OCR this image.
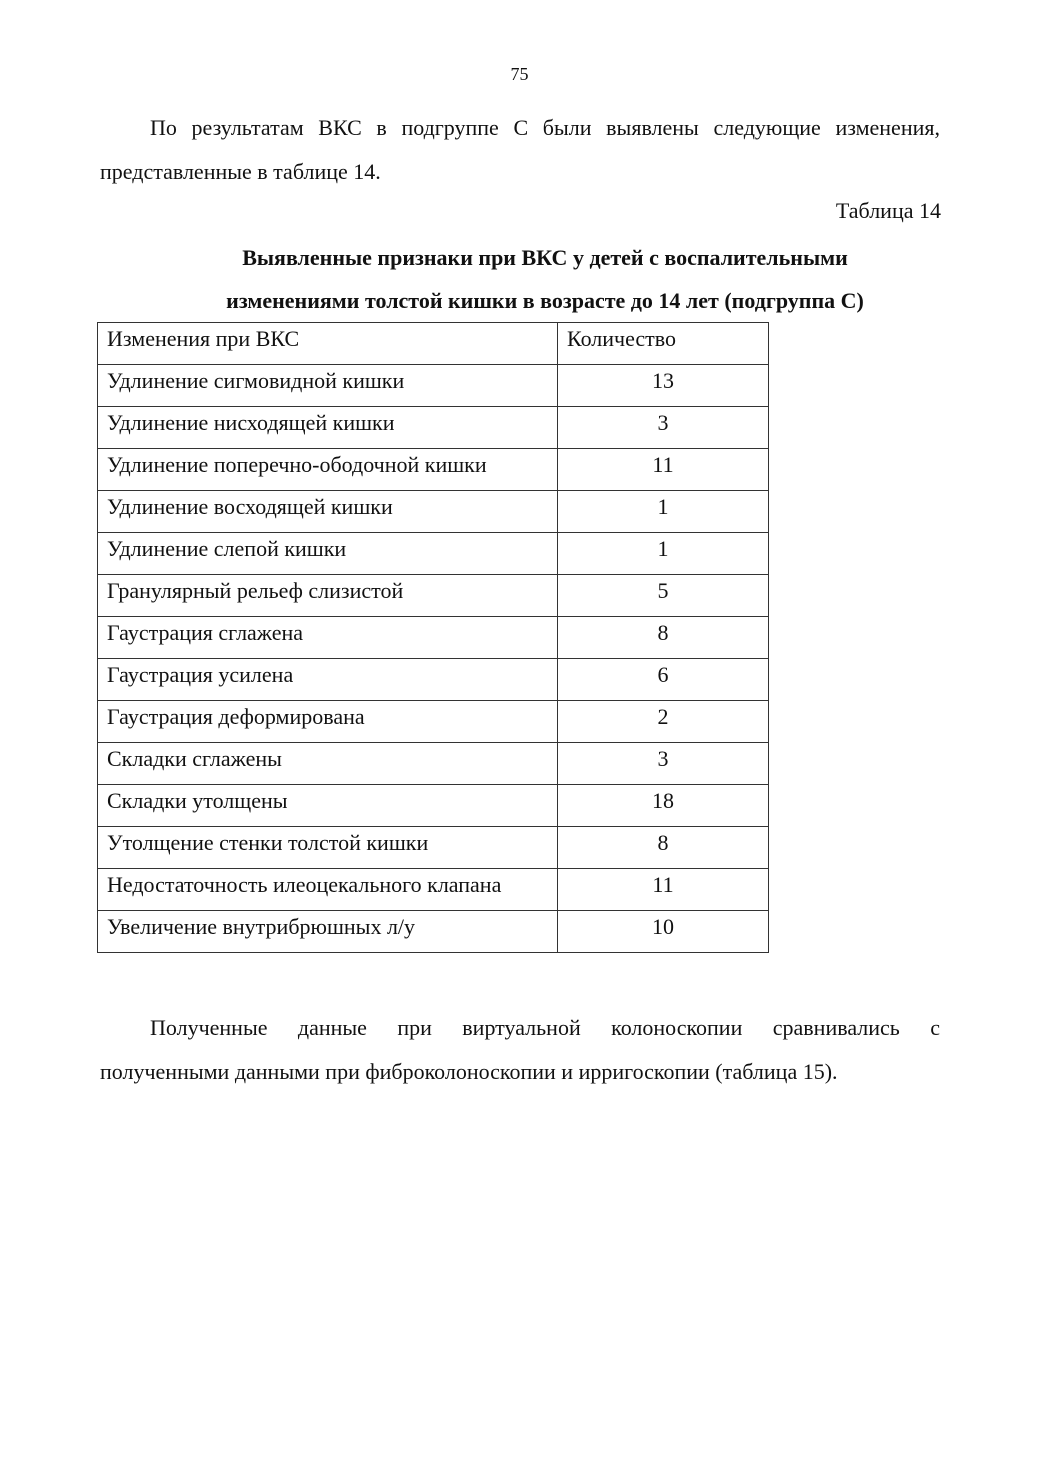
75
По результатам ВКС в подгруппе С были выявлены следующие изменения,
представленные в таблице 14.
Таблица 14
Выявленные признаки при ВКС у детей с воспалительными
изменениями толстой кишки в возрасте до 14 лет (подгруппа С)
Изменения при ВКС	Количество
Удлинение сигмовидной кишки	13
Удлинение нисходящей кишки	3
Удлинение поперечно-ободочной кишки	11
Удлинение восходящей кишки	1
Удлинение слепой кишки	1
Гранулярный рельеф слизистой	5
Гаустрация сглажена	8
Гаустрация усилена	6
Гаустрация деформирована	2
Складки сглажены	3
Складки утолщены	18
Утолщение стенки толстой кишки	8
Недостаточность илеоцекального клапана	11
Увеличение внутрибрюшных л/у	10
Полученные данные при виртуальной колоноскопии сравнивались с
полученными данными при фиброколоноскопии и ирригоскопии (таблица 15).
